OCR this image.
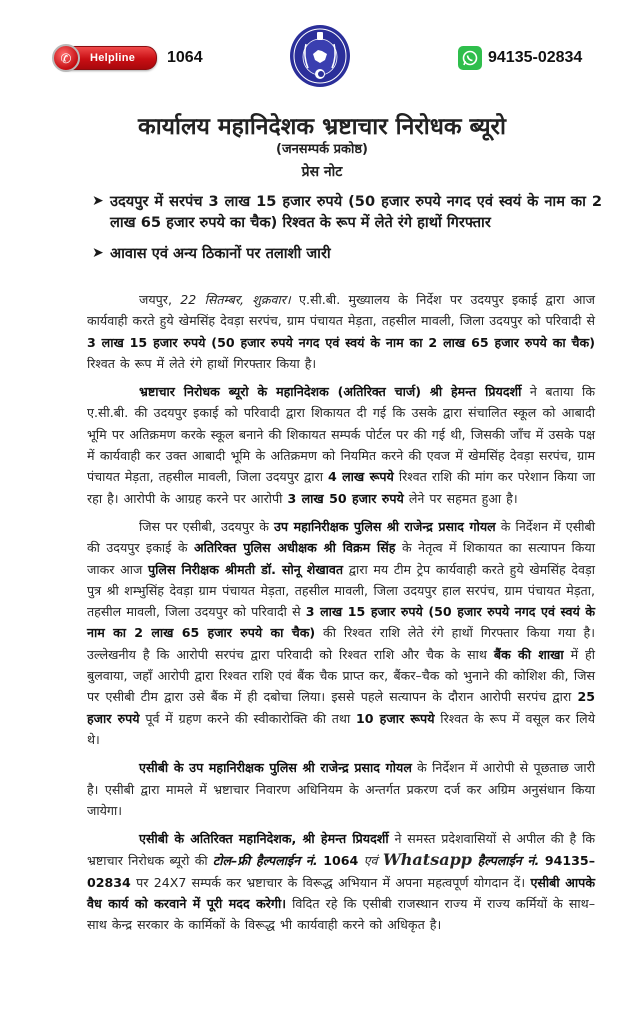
✆	Helpline 1064	94135-02834
कार्यालय महानिदेशक भ्रष्टाचार निरोधक ब्यूरो
(जनसम्पर्क प्रकोष्ठ)
प्रेस नोट
➤ उदयपुर में सरपंच 3 लाख 15 हजार रुपये (50 हजार रुपये नगद एवं स्वयं के नाम का 2 लाख 65 हजार रुपये का चैक) रिश्वत के रूप में लेते रंगे हाथों गिरफ्तार
➤ आवास एवं अन्य ठिकानों पर तलाशी जारी

जयपुर, 22 सितम्बर, शुक्रवार। ए.सी.बी. मुख्यालय के निर्देश पर उदयपुर इकाई द्वारा आज कार्यवाही करते हुये खेमसिंह देवड़ा सरपंच, ग्राम पंचायत मेड़ता, तहसील मावली, जिला उदयपुर को परिवादी से 3 लाख 15 हजार रुपये (50 हजार रुपये नगद एवं स्वयं के नाम का 2 लाख 65 हजार रुपये का चैक) रिश्वत के रूप में लेते रंगे हाथों गिरफ्तार किया है।

भ्रष्टाचार निरोधक ब्यूरो के महानिदेशक (अतिरिक्त चार्ज) श्री हेमन्त प्रियदर्शी ने बताया कि ए.सी.बी. की उदयपुर इकाई को परिवादी द्वारा शिकायत दी गई कि उसके द्वारा संचालित स्कूल को आबादी भूमि पर अतिक्रमण करके स्कूल बनाने की शिकायत सम्पर्क पोर्टल पर की गई थी, जिसकी जॉंच में उसके पक्ष में कार्यवाही कर उक्त आबादी भूमि के अतिक्रमण को नियमित करने की एवज में खेमसिंह देवड़ा सरपंच, ग्राम पंचायत मेड़ता, तहसील मावली, जिला उदयपुर द्वारा 4 लाख रूपये रिश्वत राशि की मांग कर परेशान किया जा रहा है। आरोपी के आग्रह करने पर आरोपी 3 लाख 50 हजार रुपये लेने पर सहमत हुआ है।

जिस पर एसीबी, उदयपुर के उप महानिरीक्षक पुलिस श्री राजेन्द्र प्रसाद गोयल के निर्देशन में एसीबी की उदयपुर इकाई के अतिरिक्त पुलिस अधीक्षक श्री विक्रम सिंह के नेतृत्व में शिकायत का सत्यापन किया जाकर आज पुलिस निरीक्षक श्रीमती डॉ. सोनू शेखावत द्वारा मय टीम ट्रेप कार्यवाही करते हुये खेमसिंह देवड़ा पुत्र श्री शम्भुसिंह देवड़ा ग्राम पंचायत मेड़ता, तहसील मावली, जिला उदयपुर हाल सरपंच, ग्राम पंचायत मेड़ता, तहसील मावली, जिला उदयपुर को परिवादी से 3 लाख 15 हजार रुपये (50 हजार रुपये नगद एवं स्वयं के नाम का 2 लाख 65 हजार रुपये का चैक) की रिश्वत राशि लेते रंगे हाथों गिरफ्तार किया गया है। उल्लेखनीय है कि आरोपी सरपंच द्वारा परिवादी को रिश्वत राशि और चैक के साथ बैंक की शाखा में ही बुलवाया, जहॉं आरोपी द्वारा रिश्वत राशि एवं बैंक चैक प्राप्त कर, बैंकर–चैक को भुनाने की कोशिश की, जिस पर एसीबी टीम द्वारा उसे बैंक में ही दबोचा लिया। इससे पहले सत्यापन के दौरान आरोपी सरपंच द्वारा 25 हजार रुपये पूर्व में ग्रहण करने की स्वीकारोक्ति की तथा 10 हजार रूपये रिश्वत के रूप में वसूल कर लिये थे।

एसीबी के उप महानिरीक्षक पुलिस श्री राजेन्द्र प्रसाद गोयल के निर्देशन में आरोपी से पूछताछ जारी है। एसीबी द्वारा मामले में भ्रष्टाचार निवारण अधिनियम के अन्तर्गत प्रकरण दर्ज कर अग्रिम अनुसंधान किया जायेगा।

एसीबी के अतिरिक्त महानिदेशक, श्री हेमन्त प्रियदर्शी ने समस्त प्रदेशवासियों से अपील की है कि भ्रष्टाचार निरोधक ब्यूरो की टोल–फ्री हैल्पलाईन नं. 1064 एवं Whatsapp हैल्पलाईन नं. 94135–02834 पर 24X7 सम्पर्क कर भ्रष्टाचार के विरूद्ध अभियान में अपना महत्वपूर्ण योगदान दें। एसीबी आपके वैध कार्य को करवाने में पूरी मदद करेगी। विदित रहे कि एसीबी राजस्थान राज्य में राज्य कर्मियों के साथ–साथ केन्द्र सरकार के कार्मिकों के विरूद्ध भी कार्यवाही करने को अधिकृत है।
